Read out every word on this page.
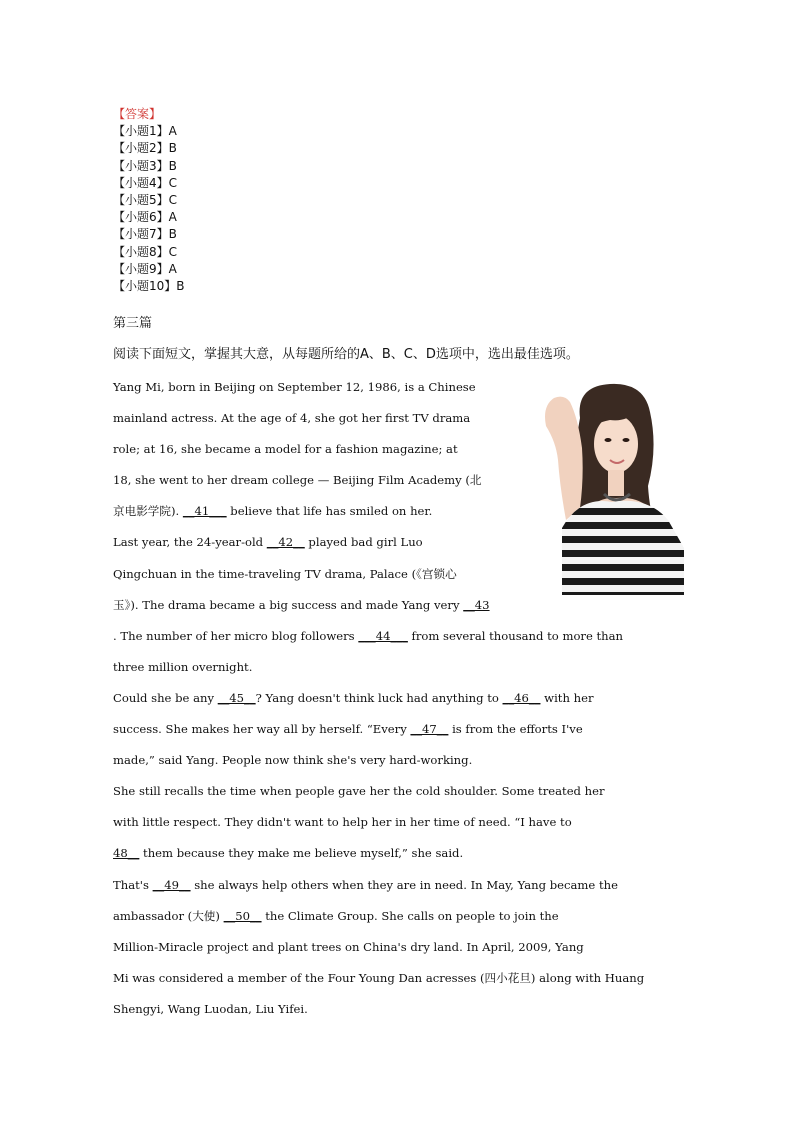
【答案】
【小题1】A
【小题2】B
【小题3】B
【小题4】C
【小题5】C
【小题6】A
【小题7】B
【小题8】C
【小题9】A
【小题10】B
第三篇
阅读下面短文，掌握其大意，从每题所给的A、B、C、D选项中，选出最佳选项。

Yang Mi, born in Beijing on September 12, 1986, is a Chinese
mainland actress. At the age of 4, she got her first TV drama
role; at 16, she became a model for a fashion magazine; at
18, she went to her dream college — Beijing Film Academy (北
京电影学院). __41___ believe that life has smiled on her.
Last year, the 24-year-old __42__ played bad girl Luo
Qingchuan in the time-traveling TV drama, Palace (《宫锁心
玉》). The drama became a big success and made Yang very __43
. The number of her micro blog followers ___44___ from several thousand to more than
three million overnight.

Could she be any __45__? Yang doesn't think luck had anything to __46__ with her
success. She makes her way all by herself. “Every __47__ is from the efforts I've
made,” said Yang. People now think she's very hard-working.

She still recalls the time when people gave her the cold shoulder. Some treated her
with little respect. They didn't want to help her in her time of need. “I have to
48__ them because they make me believe myself,” she said.

That's __49__ she always help others when they are in need. In May, Yang became the
ambassador (大使) __50__ the Climate Group. She calls on people to join the
Million-Miracle project and plant trees on China's dry land. In April, 2009, Yang
Mi was considered a member of the Four Young Dan acresses (四小花旦) along with Huang
Shengyi, Wang Luodan, Liu Yifei.
